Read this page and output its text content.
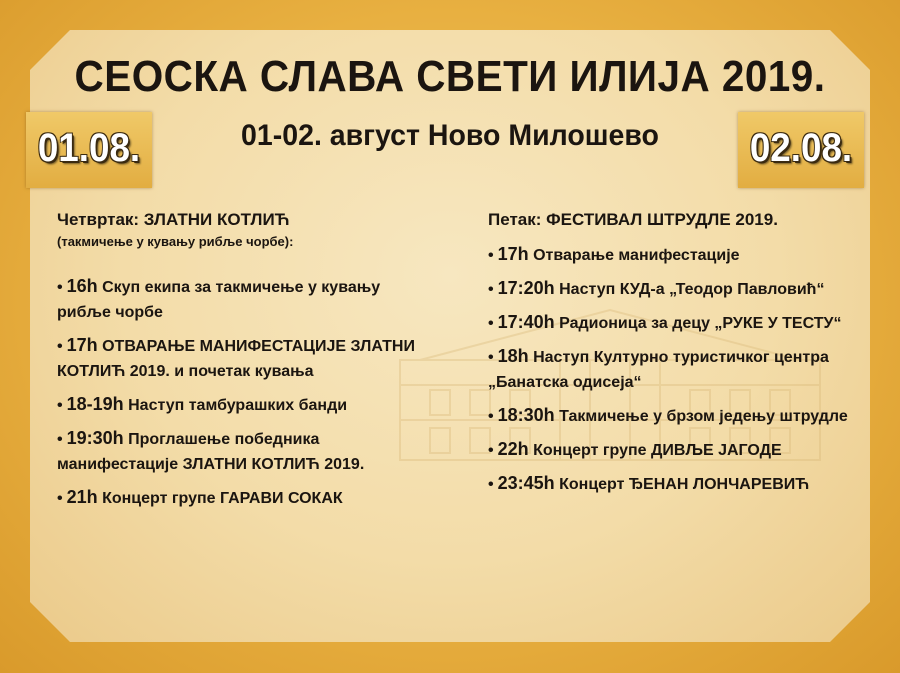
СЕОСКА СЛАВА СВЕТИ ИЛИЈА 2019.
01-02. август Ново Милошево
01.08.	02.08.
Четвртак: ЗЛАТНИ КОТЛИЋ
(такмичење у кувању рибље чорбе):
• 16h Скуп екипа за такмичење у кувању рибље чорбе
• 17h ОТВАРАЊЕ МАНИФЕСТАЦИЈЕ ЗЛАТНИ КОТЛИЋ 2019. и почетак кувања
• 18-19h Наступ тамбурашких банди
• 19:30h Проглашење победника манифестације ЗЛАТНИ КОТЛИЋ 2019.
• 21h Концерт групе ГАРАВИ СОКАК
Петак: ФЕСТИВАЛ ШТРУДЛЕ 2019.
• 17h Отварање манифестације
• 17:20h Наступ КУД-а „Теодор Павловић“
• 17:40h Радионица за децу „РУКЕ У ТЕСТУ“
• 18h Наступ Културно туристичког центра „Банатска одисеја“
• 18:30h Такмичење у брзом једењу штрудле
• 22h Концерт групе ДИВЉЕ ЈАГОДЕ
• 23:45h Концерт ЂЕНАН ЛОНЧАРЕВИЋ
